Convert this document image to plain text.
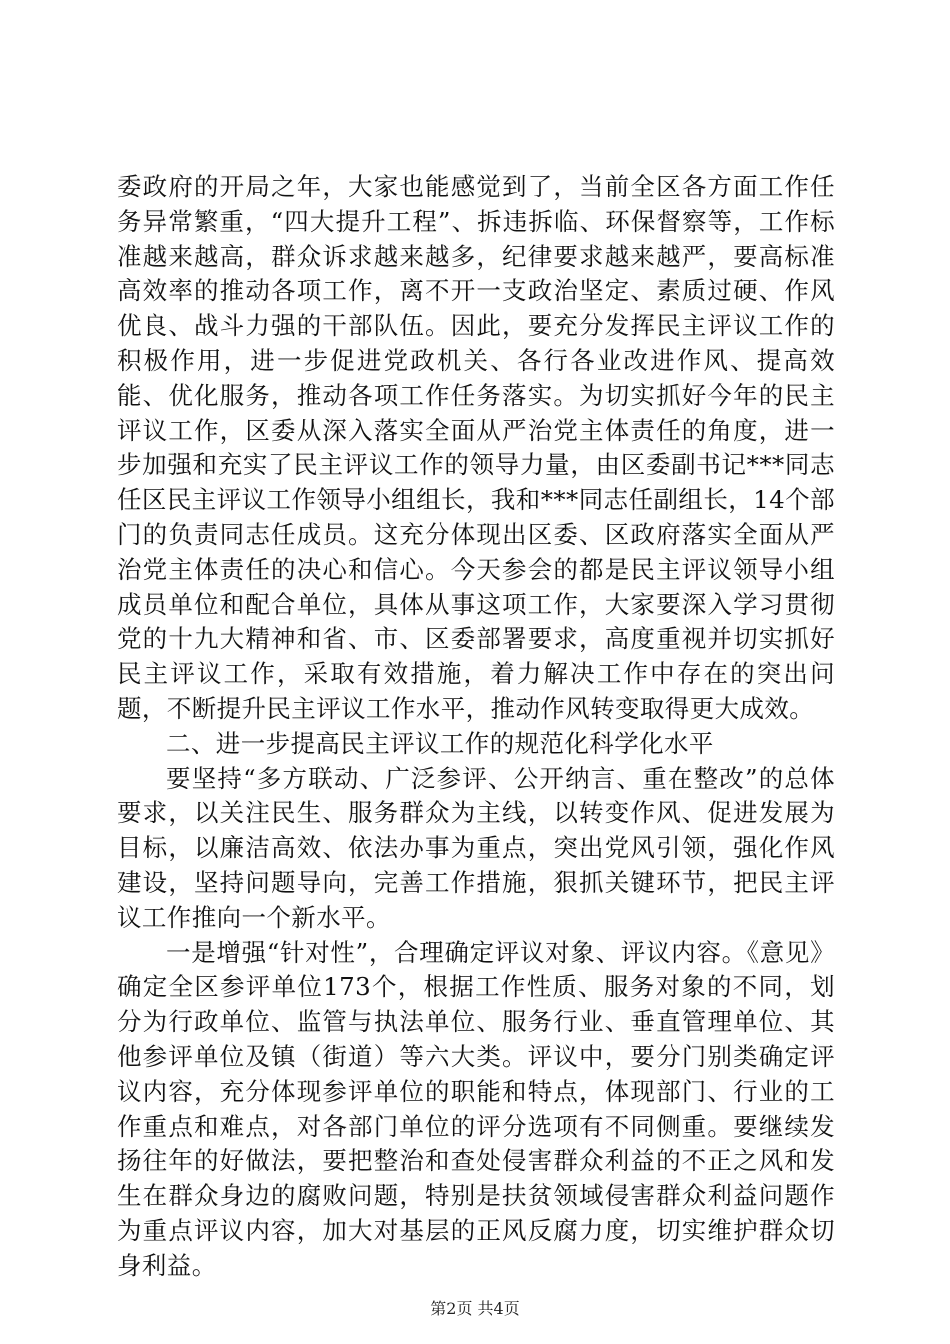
委政府的开局之年，大家也能感觉到了，当前全区各方面工作任务异常繁重，“四大提升工程”、拆违拆临、环保督察等，工作标准越来越高，群众诉求越来越多，纪律要求越来越严，要高标准高效率的推动各项工作，离不开一支政治坚定、素质过硬、作风优良、战斗力强的干部队伍。因此，要充分发挥民主评议工作的积极作用，进一步促进党政机关、各行各业改进作风、提高效能、优化服务，推动各项工作任务落实。为切实抓好今年的民主评议工作，区委从深入落实全面从严治党主体责任的角度，进一步加强和充实了民主评议工作的领导力量，由区委副书记***同志任区民主评议工作领导小组组长，我和***同志任副组长，14个部门的负责同志任成员。这充分体现出区委、区政府落实全面从严治党主体责任的决心和信心。今天参会的都是民主评议领导小组成员单位和配合单位，具体从事这项工作，大家要深入学习贯彻党的十九大精神和省、市、区委部署要求，高度重视并切实抓好民主评议工作，采取有效措施，着力解决工作中存在的突出问题，不断提升民主评议工作水平，推动作风转变取得更大成效。

二、进一步提高民主评议工作的规范化科学化水平

要坚持“多方联动、广泛参评、公开纳言、重在整改”的总体要求，以关注民生、服务群众为主线，以转变作风、促进发展为目标，以廉洁高效、依法办事为重点，突出党风引领，强化作风建设，坚持问题导向，完善工作措施，狠抓关键环节，把民主评议工作推向一个新水平。

一是增强“针对性”，合理确定评议对象、评议内容。《意见》确定全区参评单位173个，根据工作性质、服务对象的不同，划分为行政单位、监管与执法单位、服务行业、垂直管理单位、其他参评单位及镇（街道）等六大类。评议中，要分门别类确定评议内容，充分体现参评单位的职能和特点，体现部门、行业的工作重点和难点，对各部门单位的评分选项有不同侧重。要继续发扬往年的好做法，要把整治和查处侵害群众利益的不正之风和发生在群众身边的腐败问题，特别是扶贫领域侵害群众利益问题作为重点评议内容，加大对基层的正风反腐力度，切实维护群众切身利益。

第2页 共4页
